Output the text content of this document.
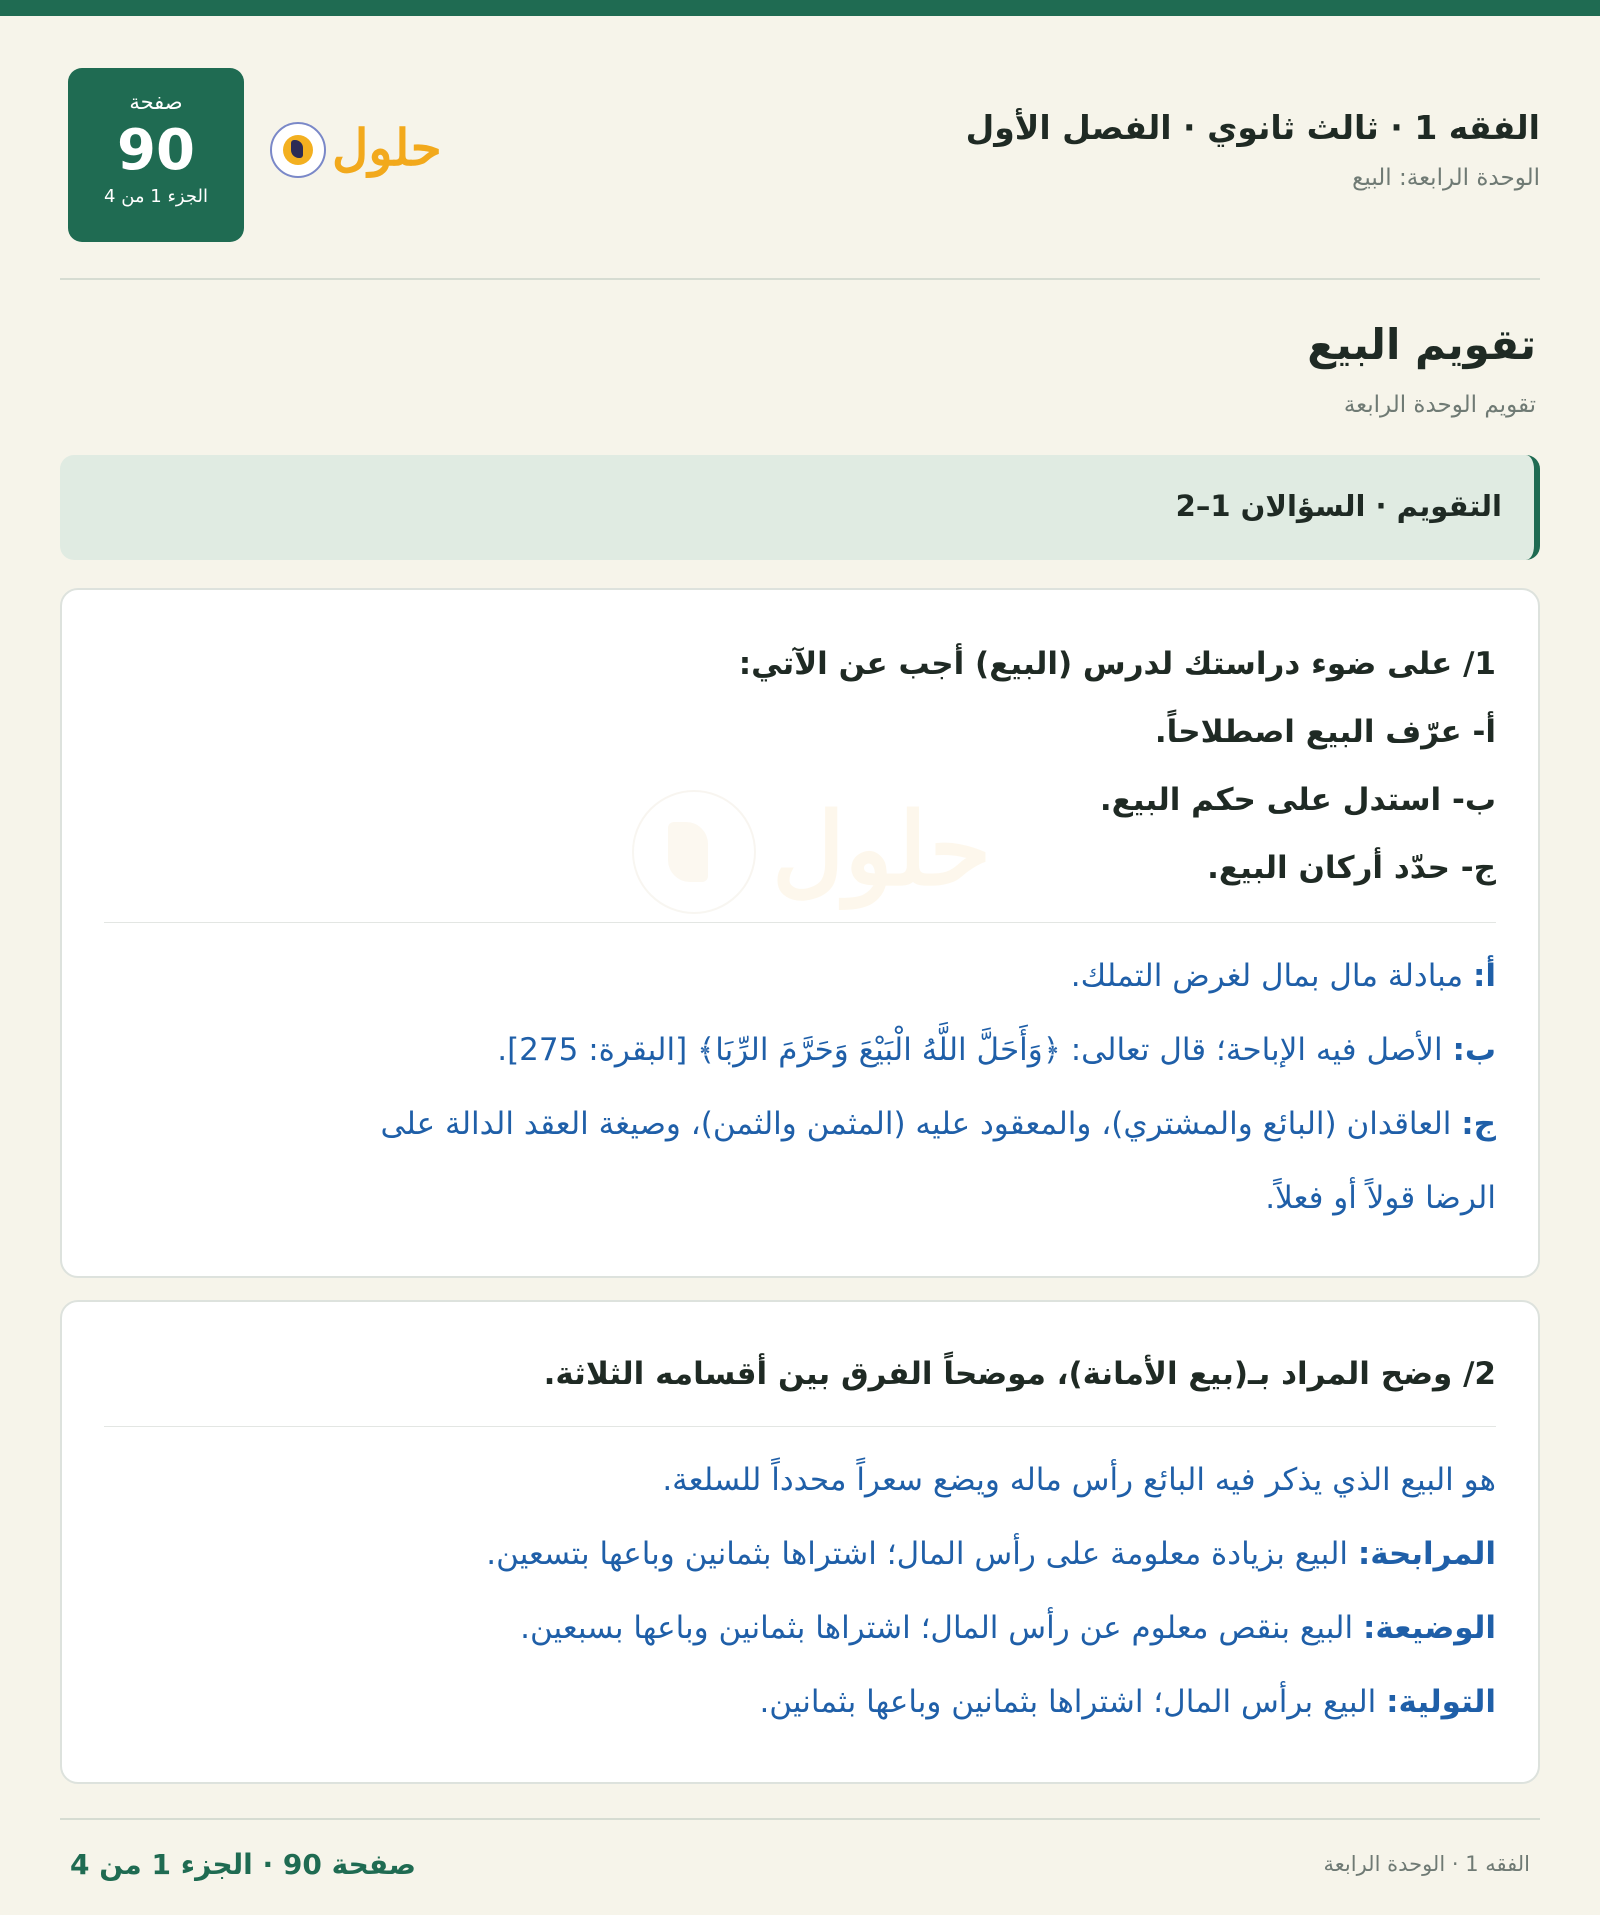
صفحة
90
الجزء 1 من 4
حلول	الفقه 1 · ثالث ثانوي · الفصل الأول
الوحدة الرابعة: البيع
تقويم البيع
تقويم الوحدة الرابعة
التقويم · السؤالان 1–2
حلول
1/ على ضوء دراستك لدرس (البيع) أجب عن الآتي:
أ- عرّف البيع اصطلاحاً.
ب- استدل على حكم البيع.
ج- حدّد أركان البيع.
أ: مبادلة مال بمال لغرض التملك.
ب: الأصل فيه الإباحة؛ قال تعالى: ﴿وَأَحَلَّ اللَّهُ الْبَيْعَ وَحَرَّمَ الرِّبَا﴾ [البقرة: 275].
ج: العاقدان (البائع والمشتري)، والمعقود عليه (المثمن والثمن)، وصيغة العقد الدالة على
الرضا قولاً أو فعلاً.
2/ وضح المراد بـ(بيع الأمانة)، موضحاً الفرق بين أقسامه الثلاثة.
هو البيع الذي يذكر فيه البائع رأس ماله ويضع سعراً محدداً للسلعة.
المرابحة: البيع بزيادة معلومة على رأس المال؛ اشتراها بثمانين وباعها بتسعين.
الوضيعة: البيع بنقص معلوم عن رأس المال؛ اشتراها بثمانين وباعها بسبعين.
التولية: البيع برأس المال؛ اشتراها بثمانين وباعها بثمانين.
صفحة 90 · الجزء 1 من 4	الفقه 1 · الوحدة الرابعة
